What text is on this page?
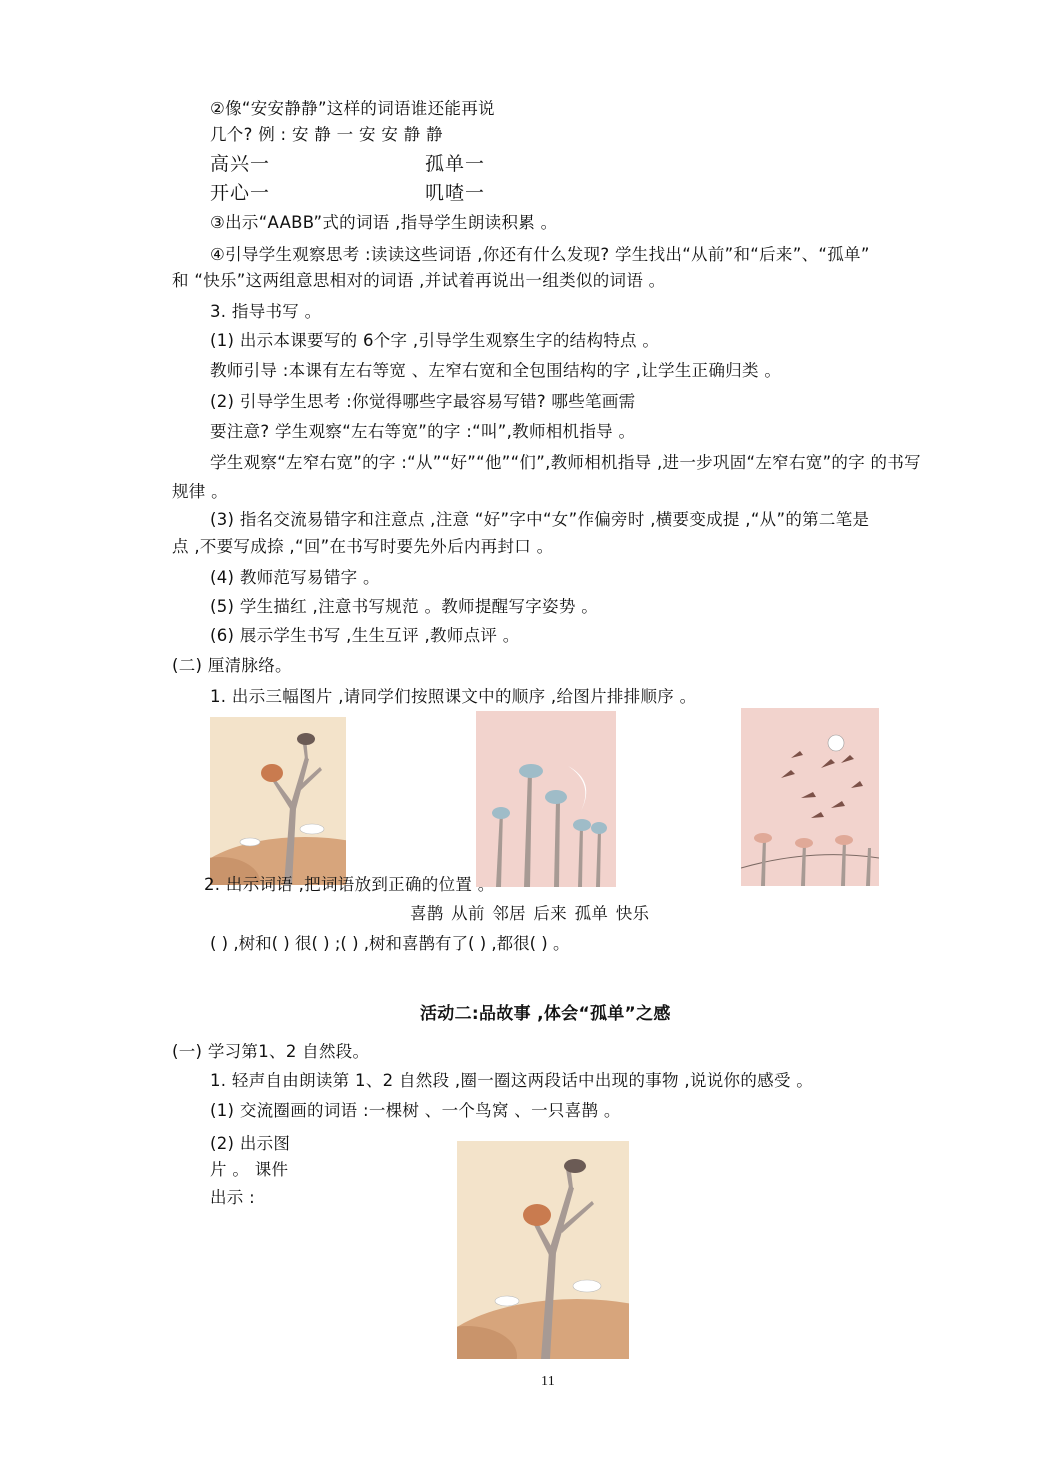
②像“安安静静”这样的词语谁还能再说
几个? 例 : 安 静 一 安 安 静 静
高兴一	孤单一
开心一	叽喳一
③出示“AABB”式的词语 ,指导学生朗读积累 。
④引导学生观察思考 :读读这些词语 ,你还有什么发现? 学生找出“从前”和“后来”、“孤单”
和 “快乐”这两组意思相对的词语 ,并试着再说出一组类似的词语 。
3. 指导书写 。
(1) 出示本课要写的 6个字 ,引导学生观察生字的结构特点 。
教师引导 :本课有左右等宽 、左窄右宽和全包围结构的字 ,让学生正确归类 。
(2) 引导学生思考 :你觉得哪些字最容易写错? 哪些笔画需
要注意? 学生观察“左右等宽”的字 :“叫”,教师相机指导 。
学生观察“左窄右宽”的字 :“从”“好”“他”“们”,教师相机指导 ,进一步巩固“左窄右宽”的字 的书写
规律 。
(3) 指名交流易错字和注意点 ,注意 “好”字中“女”作偏旁时 ,横要变成提 ,“从”的第二笔是
点 ,不要写成捺 ,“回”在书写时要先外后内再封口 。
(4) 教师范写易错字 。
(5) 学生描红 ,注意书写规范 。教师提醒写字姿势 。
(6) 展示学生书写 ,生生互评 ,教师点评 。
(二) 厘清脉络。
1. 出示三幅图片 ,请同学们按照课文中的顺序 ,给图片排排顺序 。
2. 出示词语 ,把词语放到正确的位置 。
喜鹊 从前 邻居 后来 孤单 快乐
( ) ,树和( ) 很( ) ;( ) ,树和喜鹊有了( ) ,都很( ) 。
活动二:品故事 ,体会“孤单”之感
(一) 学习第1、2 自然段。
1. 轻声自由朗读第 1、2 自然段 ,圈一圈这两段话中出现的事物 ,说说你的感受 。
(1) 交流圈画的词语 :一棵树 、一个鸟窝 、一只喜鹊 。
(2) 出示图
片 。 课件
出示 :
11
